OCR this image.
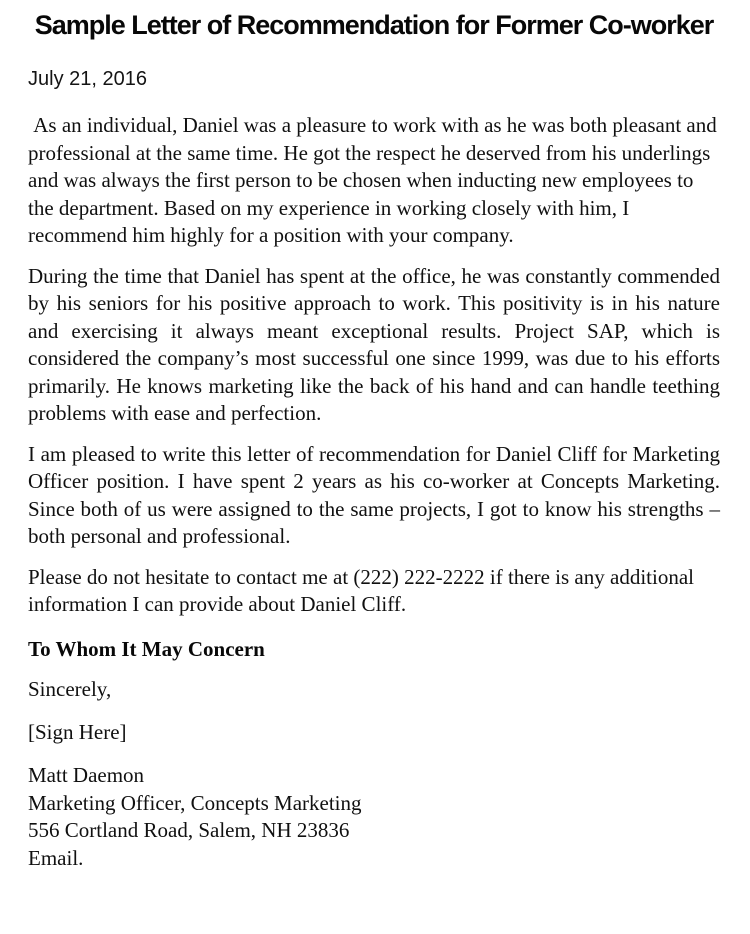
Sample Letter of Recommendation for Former Co-worker
July 21, 2016

As an individual, Daniel was a pleasure to work with as he was both pleasant and professional at the same time. He got the respect he deserved from his underlings and was always the first person to be chosen when inducting new employees to the department. Based on my experience in working closely with him, I recommend him highly for a position with your company.

During the time that Daniel has spent at the office, he was constantly commended by his seniors for his positive approach to work. This positivity is in his nature and exercising it always meant exceptional results. Project SAP, which is considered the company’s most successful one since 1999, was due to his efforts primarily. He knows marketing like the back of his hand and can handle teething problems with ease and perfection.

I am pleased to write this letter of recommendation for Daniel Cliff for Marketing Officer position. I have spent 2 years as his co-worker at Concepts Marketing. Since both of us were assigned to the same projects, I got to know his strengths – both personal and professional.

Please do not hesitate to contact me at (222) 222-2222 if there is any additional information I can provide about Daniel Cliff.

To Whom It May Concern
Sincerely,
[Sign Here]
Matt Daemon
Marketing Officer, Concepts Marketing
556 Cortland Road, Salem, NH 23836
Email.
